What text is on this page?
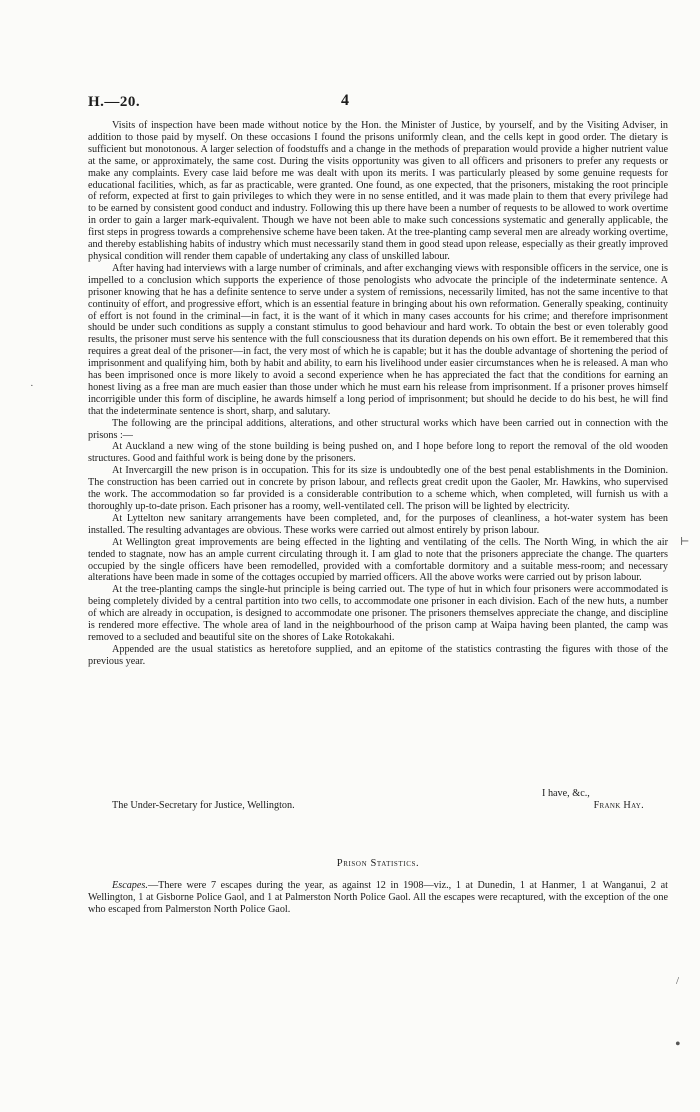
H.—20.	4

Visits of inspection have been made without notice by the Hon. the Minister of Justice, by yourself, and by the Visiting Adviser, in addition to those paid by myself. On these occasions I found the prisons uniformly clean, and the cells kept in good order. The dietary is sufficient but monotonous. A larger selection of foodstuffs and a change in the methods of preparation would provide a higher nutrient value at the same, or approximately, the same cost. During the visits opportunity was given to all officers and prisoners to prefer any requests or make any complaints. Every case laid before me was dealt with upon its merits. I was particularly pleased by some genuine requests for educational facilities, which, as far as practicable, were granted. One found, as one expected, that the prisoners, mistaking the root principle of reform, expected at first to gain privileges to which they were in no sense entitled, and it was made plain to them that every privilege had to be earned by consistent good conduct and industry. Following this up there have been a number of requests to be allowed to work overtime in order to gain a larger mark-equivalent. Though we have not been able to make such concessions systematic and generally applicable, the first steps in progress towards a comprehensive scheme have been taken. At the tree-planting camp several men are already working overtime, and thereby establishing habits of industry which must necessarily stand them in good stead upon release, especially as their greatly improved physical condition will render them capable of undertaking any class of unskilled labour.

After having had interviews with a large number of criminals, and after exchanging views with responsible officers in the service, one is impelled to a conclusion which supports the experience of those penologists who advocate the principle of the indeterminate sentence. A prisoner knowing that he has a definite sentence to serve under a system of remissions, necessarily limited, has not the same incentive to that continuity of effort, and progressive effort, which is an essential feature in bringing about his own reformation. Generally speaking, continuity of effort is not found in the criminal—in fact, it is the want of it which in many cases accounts for his crime; and therefore imprisonment should be under such conditions as supply a constant stimulus to good behaviour and hard work. To obtain the best or even tolerably good results, the prisoner must serve his sentence with the full consciousness that its duration depends on his own effort. Be it remembered that this requires a great deal of the prisoner—in fact, the very most of which he is capable; but it has the double advantage of shortening the period of imprisonment and qualifying him, both by habit and ability, to earn his livelihood under easier circumstances when he is released. A man who has been imprisoned once is more likely to avoid a second experience when he has appreciated the fact that the conditions for earning an honest living as a free man are much easier than those under which he must earn his release from imprisonment. If a prisoner proves himself incorrigible under this form of discipline, he awards himself a long period of imprisonment; but should he decide to do his best, he will find that the indeterminate sentence is short, sharp, and salutary.

The following are the principal additions, alterations, and other structural works which have been carried out in connection with the prisons :—

At Auckland a new wing of the stone building is being pushed on, and I hope before long to report the removal of the old wooden structures. Good and faithful work is being done by the prisoners.

At Invercargill the new prison is in occupation. This for its size is undoubtedly one of the best penal establishments in the Dominion. The construction has been carried out in concrete by prison labour, and reflects great credit upon the Gaoler, Mr. Hawkins, who supervised the work. The accommodation so far provided is a considerable contribution to a scheme which, when completed, will furnish us with a thoroughly up-to-date prison. Each prisoner has a roomy, well-ventilated cell. The prison will be lighted by electricity.

At Lyttelton new sanitary arrangements have been completed, and, for the purposes of cleanliness, a hot-water system has been installed. The resulting advantages are obvious. These works were carried out almost entirely by prison labour.

At Wellington great improvements are being effected in the lighting and ventilating of the cells. The North Wing, in which the air tended to stagnate, now has an ample current circulating through it. I am glad to note that the prisoners appreciate the change. The quarters occupied by the single officers have been remodelled, provided with a comfortable dormitory and a suitable mess-room; and necessary alterations have been made in some of the cottages occupied by married officers. All the above works were carried out by prison labour.

At the tree-planting camps the single-hut principle is being carried out. The type of hut in which four prisoners were accommodated is being completely divided by a central partition into two cells, to accommodate one prisoner in each division. Each of the new huts, a number of which are already in occupation, is designed to accommodate one prisoner. The prisoners themselves appreciate the change, and discipline is rendered more effective. The whole area of land in the neighbourhood of the prison camp at Waipa having been planted, the camp was removed to a secluded and beautiful site on the shores of Lake Rotokakahi.

Appended are the usual statistics as heretofore supplied, and an epitome of the statistics contrasting the figures with those of the previous year.

I have, &c.,
The Under-Secretary for Justice, Wellington.	Frank Hay.
Prison Statistics.

Escapes.—There were 7 escapes during the year, as against 12 in 1908—viz., 1 at Dunedin, 1 at Hanmer, 1 at Wanganui, 2 at Wellington, 1 at Gisborne Police Gaol, and 1 at Palmerston North Police Gaol. All the escapes were recaptured, with the exception of the one who escaped from Palmerston North Police Gaol.

·
⊢
/
•
